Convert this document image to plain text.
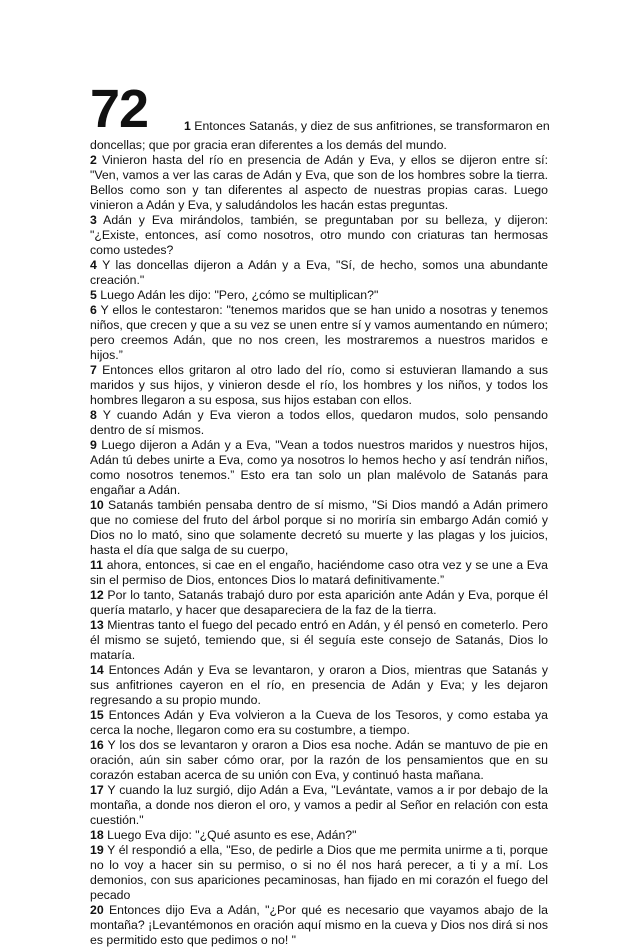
72	1 Entonces Satanás, y diez de sus anfitriones, se transformaron en

doncellas; que por gracia eran diferentes a los demás del mundo.

2 Vinieron hasta del río en presencia de Adán y Eva, y ellos se dijeron entre sí: "Ven, vamos a ver las caras de Adán y Eva, que son de los hombres sobre la tierra. Bellos como son y tan diferentes al aspecto de nuestras propias caras. Luego vinieron a Adán y Eva, y saludándolos les hacán estas preguntas.

3 Adán y Eva mirándolos, también, se preguntaban por su belleza, y dijeron: "¿Existe, entonces, así como nosotros, otro mundo con criaturas tan hermosas como ustedes?

4 Y las doncellas dijeron a Adán y a Eva, "Sí, de hecho, somos una abundante creación."

5 Luego Adán les dijo: "Pero, ¿cómo se multiplican?"

6 Y ellos le contestaron: "tenemos maridos que se han unido a nosotras y tenemos niños, que crecen y que a su vez se unen entre sí y vamos aumentando en número; pero creemos Adán, que no nos creen, les mostraremos a nuestros maridos e hijos.”

7 Entonces ellos gritaron al otro lado del río, como si estuvieran llamando a sus maridos y sus hijos, y vinieron desde el río, los hombres y los niños, y todos los hombres llegaron a su esposa, sus hijos estaban con ellos.

8 Y cuando Adán y Eva vieron a todos ellos, quedaron mudos, solo pensando dentro de sí mismos.

9 Luego dijeron a Adán y a Eva, "Vean a todos nuestros maridos y nuestros hijos, Adán tú debes unirte a Eva, como ya nosotros lo hemos hecho y así tendrán niños, como nosotros tenemos.” Esto era tan solo un plan malévolo de Satanás para engañar a Adán.

10 Satanás también pensaba dentro de sí mismo, "Si Dios mandó a Adán primero que no comiese del fruto del árbol porque si no moriría sin embargo Adán comió y Dios no lo mató, sino que solamente decretó su muerte y las plagas y los juicios, hasta el día que salga de su cuerpo,

11 ahora, entonces, si cae en el engaño, haciéndome caso otra vez y se une a Eva sin el permiso de Dios, entonces Dios lo matará definitivamente.”

12 Por lo tanto, Satanás trabajó duro por esta aparición ante Adán y Eva, porque él quería matarlo, y hacer que desapareciera de la faz de la tierra.

13 Mientras tanto el fuego del pecado entró en Adán, y él pensó en cometerlo. Pero él mismo se sujetó, temiendo que, si él seguía este consejo de Satanás, Dios lo mataría.

14 Entonces Adán y Eva se levantaron, y oraron a Dios, mientras que Satanás y sus anfitriones cayeron en el río, en presencia de Adán y Eva; y les dejaron regresando a su propio mundo.

15 Entonces Adán y Eva volvieron a la Cueva de los Tesoros, y como estaba ya cerca la noche, llegaron como era su costumbre, a tiempo.

16 Y los dos se levantaron y oraron a Dios esa noche. Adán se mantuvo de pie en oración, aún sin saber cómo orar, por la razón de los pensamientos que en su corazón estaban acerca de su unión con Eva, y continuó hasta mañana.

17 Y cuando la luz surgió, dijo Adán a Eva, "Levántate, vamos a ir por debajo de la montaña, a donde nos dieron el oro, y vamos a pedir al Señor en relación con esta cuestión."

18 Luego Eva dijo: "¿Qué asunto es ese, Adán?"

19 Y él respondió a ella, "Eso, de pedirle a Dios que me permita unirme a ti, porque no lo voy a hacer sin su permiso, o si no él nos hará perecer, a ti y a mí. Los demonios, con sus apariciones pecaminosas, han fijado en mi corazón el fuego del pecado

20 Entonces dijo Eva a Adán, "¿Por qué es necesario que vayamos abajo de la montaña? ¡Levantémonos en oración aquí mismo en la cueva y Dios nos dirá si nos es permitido esto que pedimos o no! "
